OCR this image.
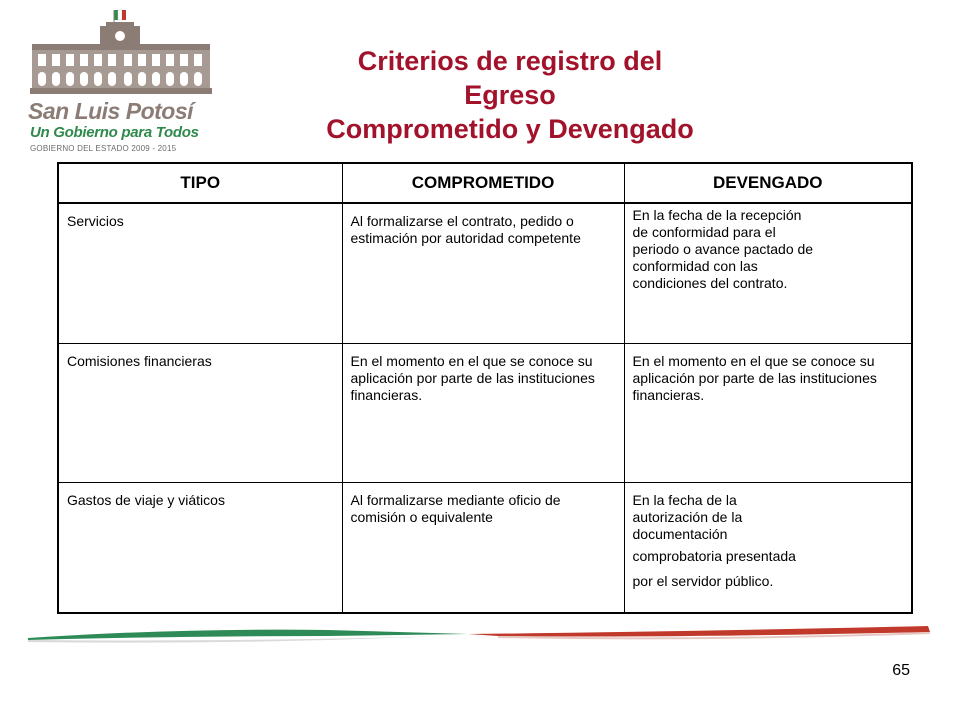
San Luis Potosí
Un Gobierno para Todos
GOBIERNO DEL ESTADO 2009 - 2015
Criterios de registro del
Egreso
Comprometido y Devengado
TIPO	COMPROMETIDO	DEVENGADO
Servicios	Al formalizarse el contrato, pedido o estimación por autoridad competente	En la fecha de la recepción
de conformidad para el
periodo o avance pactado de
conformidad con las
condiciones del contrato.

Comisiones financieras	En el momento en el que se conoce su aplicación por parte de las instituciones financieras.	En el momento en el que se conoce su aplicación por parte de las instituciones financieras.
Gastos de viaje y viáticos	Al formalizarse mediante oficio de comisión o equivalente	En la fecha de la
autorización de la
documentación
comprobatoria presentada
por el servidor público.
65
